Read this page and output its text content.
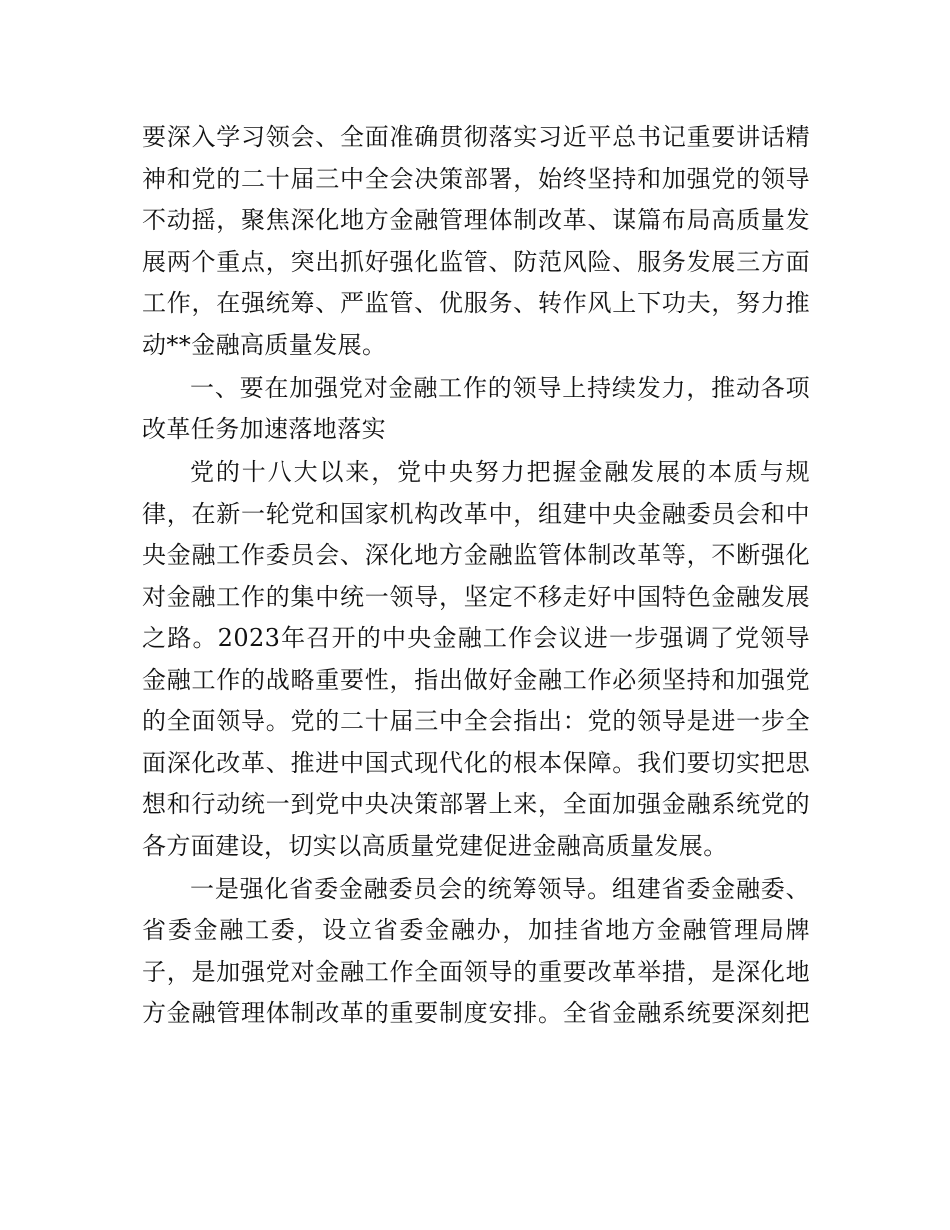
要深入学习领会、全面准确贯彻落实习近平总书记重要讲话精
神和党的二十届三中全会决策部署，始终坚持和加强党的领导
不动摇，聚焦深化地方金融管理体制改革、谋篇布局高质量发
展两个重点，突出抓好强化监管、防范风险、服务发展三方面
工作，在强统筹、严监管、优服务、转作风上下功夫，努力推
动**金融高质量发展。
一、要在加强党对金融工作的领导上持续发力，推动各项
改革任务加速落地落实
党的十八大以来，党中央努力把握金融发展的本质与规
律，在新一轮党和国家机构改革中，组建中央金融委员会和中
央金融工作委员会、深化地方金融监管体制改革等，不断强化
对金融工作的集中统一领导，坚定不移走好中国特色金融发展
之路。2023年召开的中央金融工作会议进一步强调了党领导
金融工作的战略重要性，指出做好金融工作必须坚持和加强党
的全面领导。党的二十届三中全会指出：党的领导是进一步全
面深化改革、推进中国式现代化的根本保障。我们要切实把思
想和行动统一到党中央决策部署上来，全面加强金融系统党的
各方面建设，切实以高质量党建促进金融高质量发展。
一是强化省委金融委员会的统筹领导。组建省委金融委、
省委金融工委，设立省委金融办，加挂省地方金融管理局牌
子，是加强党对金融工作全面领导的重要改革举措，是深化地
方金融管理体制改革的重要制度安排。全省金融系统要深刻把
